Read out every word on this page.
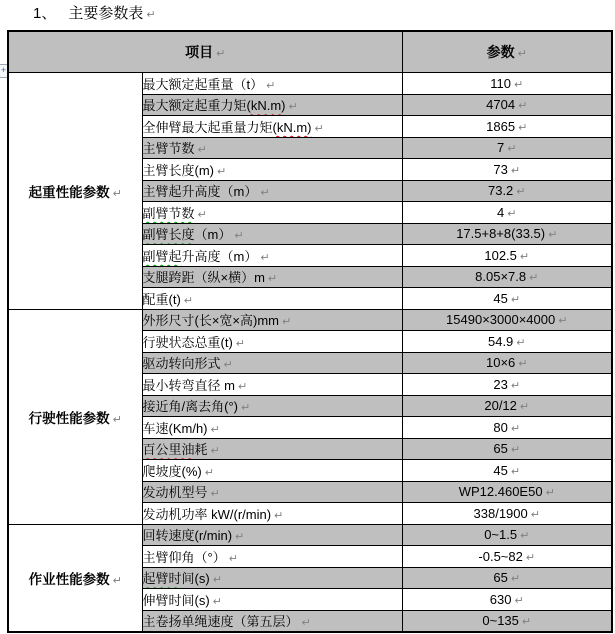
1、 主要参数表 ↵
+
项目 ↵		参数 ↵
起重性能参数 ↵	最大额定起重量（t） ↵	110 ↵
	最大额定起重力矩(kN.m) ↵	4704 ↵
	全伸臂最大起重量力矩(kN.m) ↵	1865 ↵
	主臂节数 ↵	7 ↵
	主臂长度(m) ↵	73 ↵
	主臂起升高度（m） ↵	73.2 ↵
	副臂节数 ↵	4 ↵
	副臂长度（m） ↵	17.5+8+8(33.5) ↵
	副臂起升高度（m） ↵	102.5 ↵
	支腿跨距（纵×横）m ↵	8.05×7.8 ↵
	配重(t) ↵	45 ↵
行驶性能参数 ↵	外形尺寸(长×宽×高)mm ↵	15490×3000×4000 ↵
	行驶状态总重(t) ↵	54.9 ↵
	驱动转向形式 ↵	10×6 ↵
	最小转弯直径 m ↵	23 ↵
	接近角/离去角(°) ↵	20/12 ↵
	车速(Km/h) ↵	80 ↵
	百公里油耗 ↵	65 ↵
	爬坡度(%) ↵	45 ↵
	发动机型号 ↵	WP12.460E50 ↵
	发动机功率 kW/(r/min) ↵	338/1900 ↵
作业性能参数 ↵	回转速度(r/min) ↵	0~1.5 ↵
	主臂仰角（°） ↵	-0.5~82 ↵
	起臂时间(s) ↵	65 ↵
	伸臂时间(s) ↵	630 ↵
	主卷扬单绳速度（第五层） ↵	0~135 ↵
